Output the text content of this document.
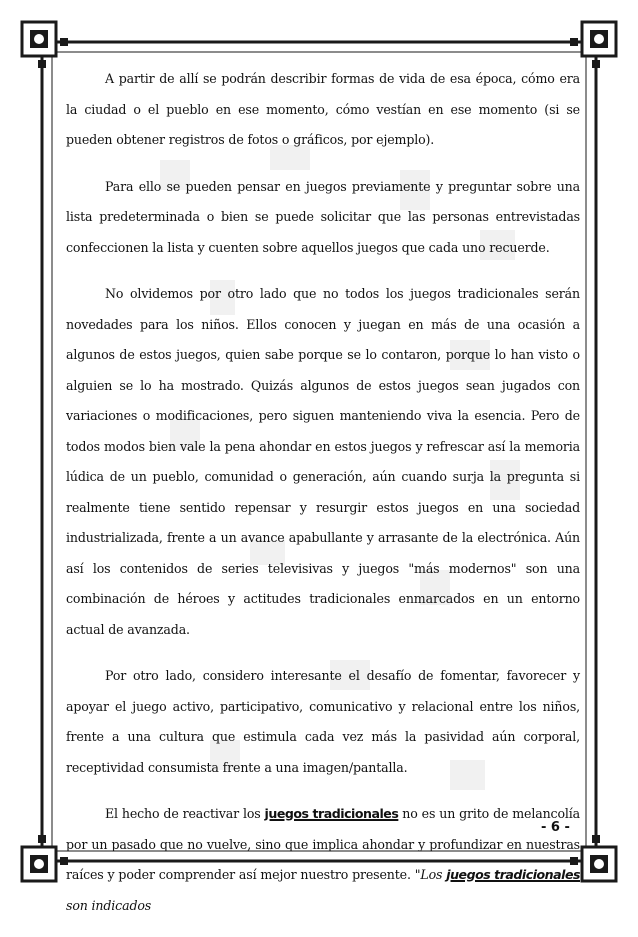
A partir de allí se podrán describir formas de vida de esa época, cómo era la ciudad o el pueblo en ese momento, cómo vestían en ese momento (si se pueden obtener registros de fotos o gráficos, por ejemplo).

Para ello se pueden pensar en juegos previamente y preguntar sobre una lista predeterminada o bien se puede solicitar que las personas entrevistadas confeccionen la lista y cuenten sobre aquellos juegos que cada uno recuerde.

No olvidemos por otro lado que no todos los juegos tradicionales serán novedades para los niños. Ellos conocen y juegan en más de una ocasión a algunos de estos juegos, quien sabe porque se lo contaron, porque lo han visto o alguien se lo ha mostrado. Quizás algunos de estos juegos sean jugados con variaciones o modificaciones, pero siguen manteniendo viva la esencia. Pero de todos modos bien vale la pena ahondar en estos juegos y refrescar así la memoria lúdica de un pueblo, comunidad o generación, aún cuando surja la pregunta si realmente tiene sentido repensar y resurgir estos juegos en una sociedad industrializada, frente a un avance apabullante y arrasante de la electrónica. Aún así los contenidos de series televisivas y juegos "más modernos" son una combinación de héroes y actitudes tradicionales enmarcados en un entorno actual de avanzada.

Por otro lado, considero interesante el desafío de fomentar, favorecer y apoyar el juego activo, participativo, comunicativo y relacional entre los niños, frente a una cultura que estimula cada vez más la pasividad aún corporal, receptividad consumista frente a una imagen/pantalla.

El hecho de reactivar los juegos tradicionales no es un grito de melancolía por un pasado que no vuelve, sino que implica ahondar y profundizar en nuestras raíces y poder comprender así mejor nuestro presente. "Los juegos tradicionales son indicados

- 6 -
